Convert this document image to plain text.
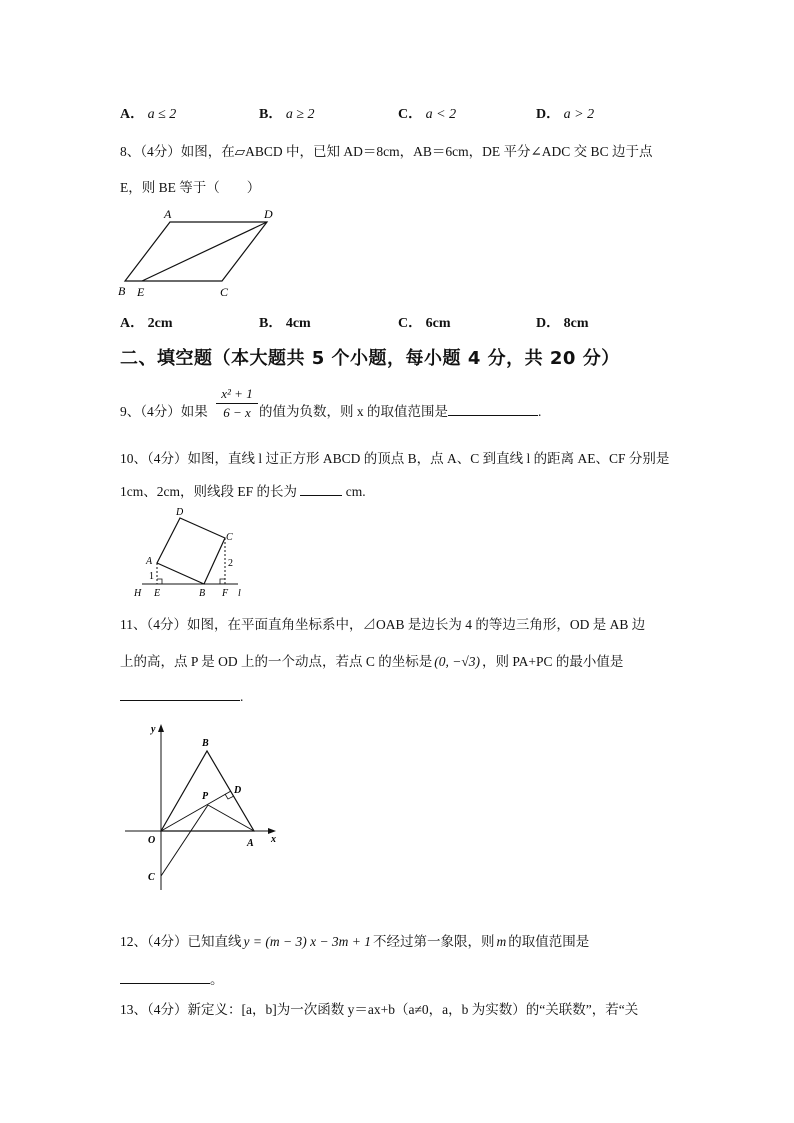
A． a ≤ 2	B． a ≥ 2	C． a < 2	D． a > 2
8、（4分）如图，在▱ABCD 中，已知 AD＝8cm，AB＝6cm，DE 平分∠ADC 交 BC 边于点
E，则 BE 等于（　　）
A	D
B E	C
A． 2cm	B． 4cm	C． 6cm	D． 8cm
二、填空题（本大题共 5 个小题，每小题 4 分，共 20 分）
9、（4分）如果 $\frac{\text{x² + 1}}{6 - x}$ 的值为负数，则 x 的取值范围是	.
10、（4分）如图，直线 l 过正方形 ABCD 的顶点 B，点 A、C 到直线 l 的距离 AE、CF 分别是
1cm、2cm，则线段 EF 的长为	cm.
D
C
A
1
2
H E	B F l
11、（4分）如图，在平面直角坐标系中，⊿OAB 是边长为 4 的等边三角形，OD 是 AB 边
上的高，点 P 是 OD 上的一个动点，若点 C 的坐标是 (0, −√3) ，则 PA+PC 的最小值是
.
y
x
O	A
B
C
D
P
12、（4分）已知直线 y = (m − 3) x − 3m + 1 不经过第一象限，则 m 的取值范围是
。
13、（4分）新定义：[a，b]为一次函数 y＝ax+b（a≠0，a，b 为实数）的“关联数”，若“关
